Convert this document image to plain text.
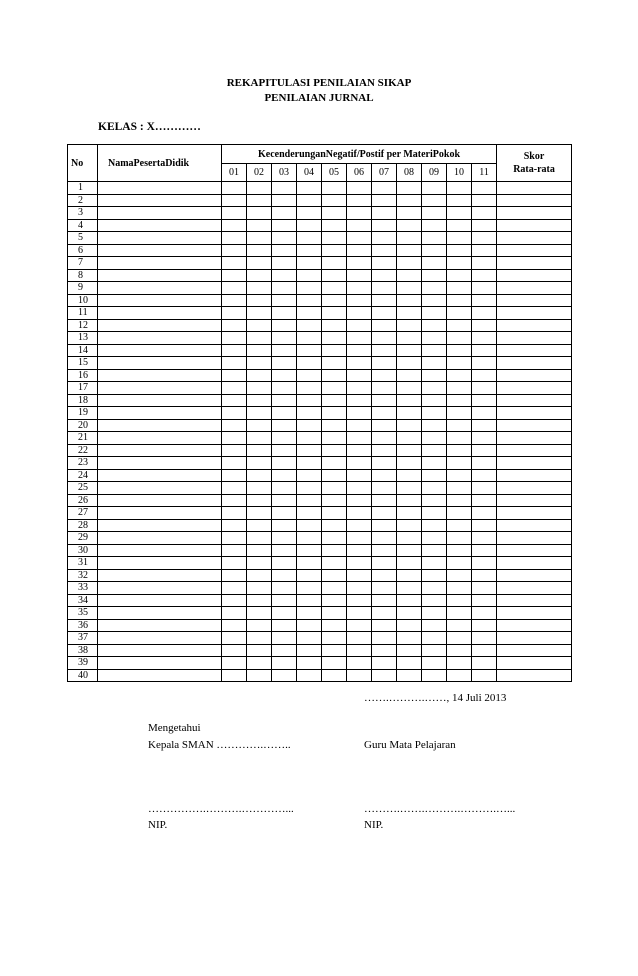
REKAPITULASI PENILAIAN SIKAP
PENILAIAN JURNAL
KELAS : X…………
No	NamaPesertaDidik	KecenderunganNegatif/Postif per MateriPokok											Skor
Rata-rata
		01	02	03	04	05	06	07	08	09	10	11	
1													
2													
3													
4													
5													
6													
7													
8													
9													
10													
11													
12													
13													
14													
15													
16													
17													
18													
19													
20													
21													
22													
23													
24													
25													
26													
27													
28													
29													
30													
31													
32													
33													
34													
35													
36													
37													
38													
39													
40													
…….……….……, 14 Juli 2013
Mengetahui
Kepala SMAN ………….……..	Guru Mata Pelajaran
…………….……….…………...	……….…….……….……….…...
NIP.	NIP.
